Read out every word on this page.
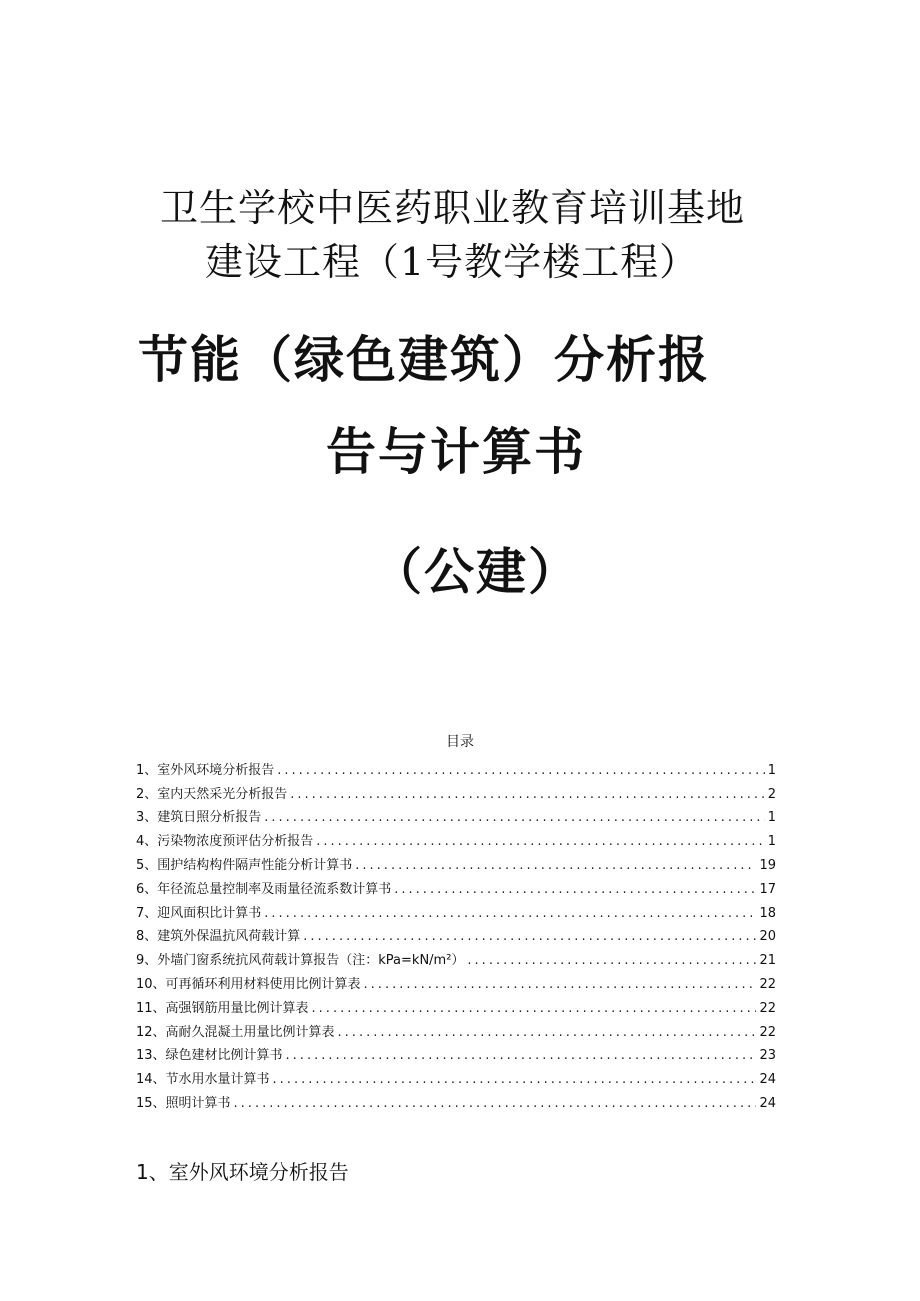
卫生学校中医药职业教育培训基地
建设工程（1号教学楼工程）
节能（绿色建筑）分析报
告与计算书
（公建）
目录
1、室外风环境分析报告 .....	1
2、室内天然采光分析报告 .....	2
3、建筑日照分析报告 .....	1
4、污染物浓度预评估分析报告 .....	1
5、围护结构构件隔声性能分析计算书 .....	19
6、年径流总量控制率及雨量径流系数计算书 .....	17
7、迎风面积比计算书 .....	18
8、建筑外保温抗风荷载计算 .....	20
9、外墙门窗系统抗风荷载计算报告（注：kPa=kN/m²） .....	21
10、可再循环利用材料使用比例计算表 .....	22
11、高强钢筋用量比例计算表 .....	22
12、高耐久混凝土用量比例计算表 .....	22
13、绿色建材比例计算书 .....	23
14、节水用水量计算书 .....	24
15、照明计算书 .....	24
1、室外风环境分析报告
